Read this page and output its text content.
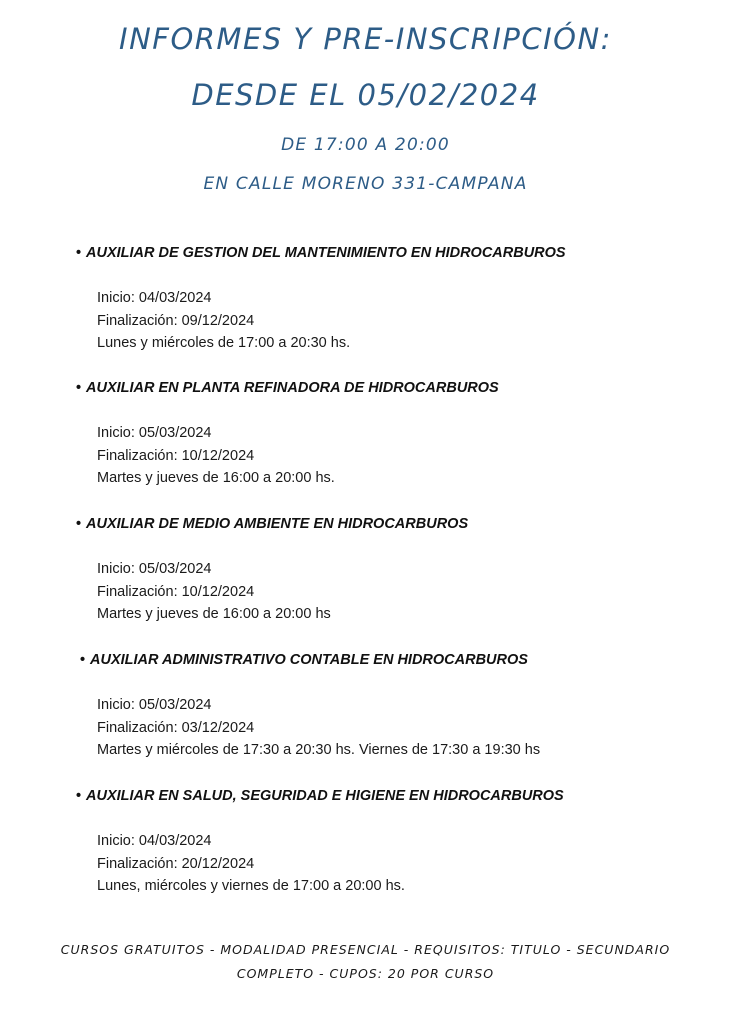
INFORMES Y PRE-INSCRIPCIÓN:
DESDE EL 05/02/2024
DE 17:00 A 20:00
EN CALLE MORENO 331-CAMPANA
• AUXILIAR DE GESTION DEL MANTENIMIENTO EN HIDROCARBUROS
Inicio: 04/03/2024
Finalización: 09/12/2024
Lunes y miércoles de 17:00 a 20:30 hs.
• AUXILIAR EN PLANTA REFINADORA DE HIDROCARBUROS
Inicio: 05/03/2024
Finalización: 10/12/2024
Martes y jueves de 16:00 a 20:00 hs.
• AUXILIAR DE MEDIO AMBIENTE EN HIDROCARBUROS
Inicio: 05/03/2024
Finalización: 10/12/2024
Martes y jueves de 16:00 a 20:00 hs
• AUXILIAR ADMINISTRATIVO CONTABLE EN HIDROCARBUROS
Inicio: 05/03/2024
Finalización: 03/12/2024
Martes y miércoles de 17:30 a 20:30 hs. Viernes de 17:30 a 19:30 hs
• AUXILIAR EN SALUD, SEGURIDAD E HIGIENE EN HIDROCARBUROS
Inicio: 04/03/2024
Finalización: 20/12/2024
Lunes, miércoles y viernes de 17:00 a 20:00 hs.
CURSOS GRATUITOS - MODALIDAD PRESENCIAL - REQUISITOS: TITULO - SECUNDARIO
COMPLETO - CUPOS: 20 POR CURSO
